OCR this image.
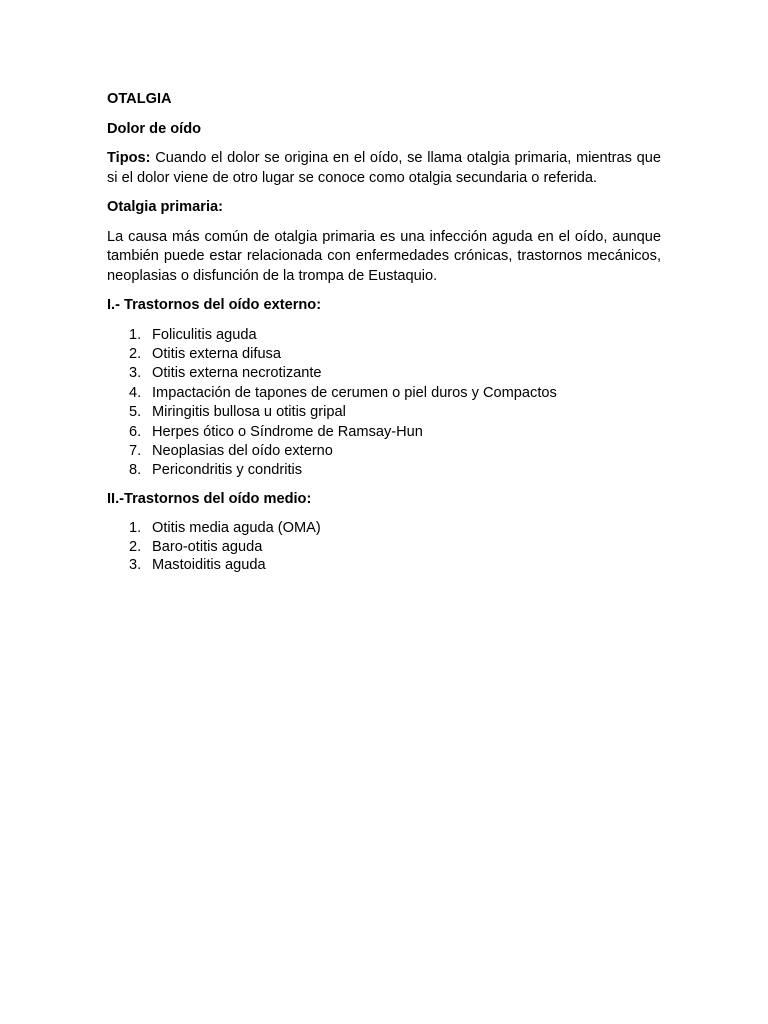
OTALGIA
Dolor de oído
Tipos: Cuando el dolor se origina en el oído, se llama otalgia primaria, mientras que si el dolor viene de otro lugar se conoce como otalgia secundaria o referida.
Otalgia primaria:
La causa más común de otalgia primaria es una infección aguda en el oído, aunque también puede estar relacionada con enfermedades crónicas, trastornos mecánicos, neoplasias o disfunción de la trompa de Eustaquio.
I.- Trastornos del oído externo:
1. Foliculitis aguda
2. Otitis externa difusa
3. Otitis externa necrotizante
4. Impactación de tapones de cerumen o piel duros y Compactos
5. Miringitis bullosa u otitis gripal
6. Herpes ótico o Síndrome de Ramsay-Hun
7. Neoplasias del oído externo
8. Pericondritis y condritis
II.-Trastornos del oído medio:
1. Otitis media aguda (OMA)
2. Baro-otitis aguda
3. Mastoiditis aguda
